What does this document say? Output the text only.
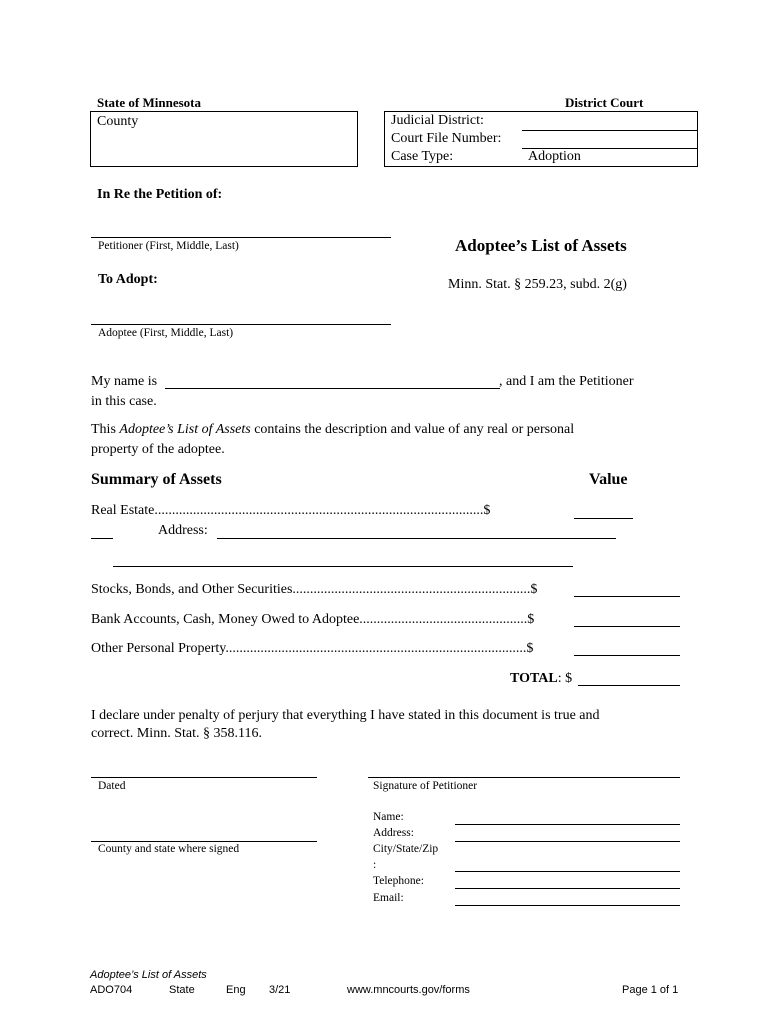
State of Minnesota	District Court
County	Judicial District:
Court File Number:
Case Type:	Adoption
In Re the Petition of:
Petitioner (First, Middle, Last)
To Adopt:
Adoptee (First, Middle, Last)
Adoptee’s List of Assets
Minn. Stat. § 259.23, subd. 2(g)
My name is	, and I am the Petitioner
in this case.
This Adoptee’s List of Assets contains the description and value of any real or personal
property of the adoptee.
Summary of Assets	Value
Real Estate..............................................................................................$
Address:
Stocks, Bonds, and Other Securities....................................................................$
Bank Accounts, Cash, Money Owed to Adoptee................................................$
Other Personal Property......................................................................................$
TOTAL: $
I declare under penalty of perjury that everything I have stated in this document is true and
correct. Minn. Stat. § 358.116.
Dated
County and state where signed
Signature of Petitioner
Name:
Address:
City/State/Zip
:
Telephone:
Email:
Adoptee’s List of Assets
ADO704	State	Eng 3/21	www.mncourts.gov/forms	Page 1 of 1
